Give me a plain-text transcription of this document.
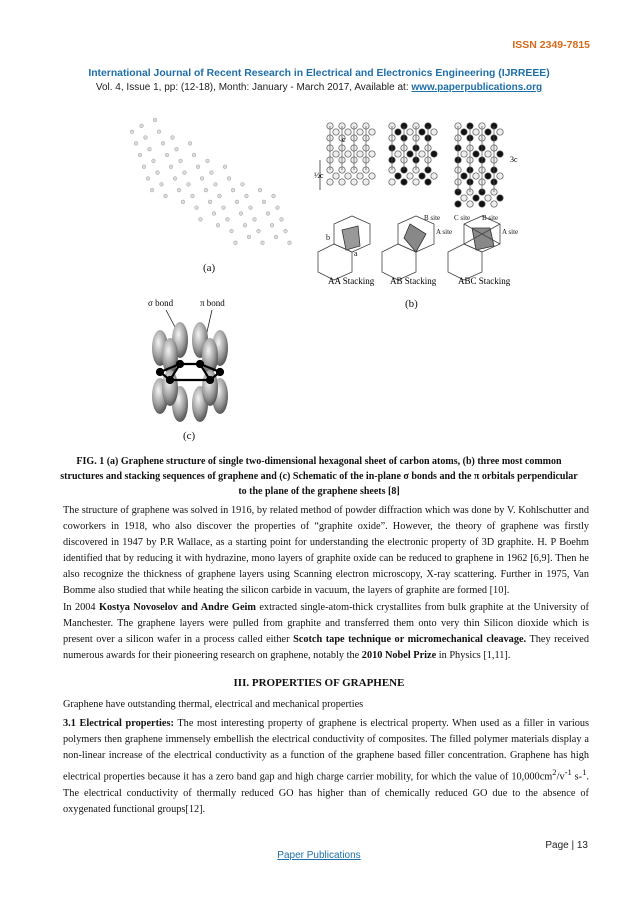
ISSN 2349-7815
International Journal of Recent Research in Electrical and Electronics Engineering (IJRREEE)
Vol. 4, Issue 1, pp: (12-18), Month: January - March 2017, Available at: www.paperpublications.org
(a)
½c
c
3c
b
a
B site
A site
C site B site
A site
AA Stacking AB Stacking ABC Stacking
(b)
σ bond	π bond
(c)
FIG. 1 (a) Graphene structure of single two-dimensional hexagonal sheet of carbon atoms, (b) three most common structures and stacking sequences of graphene and (c) Schematic of the in-plane σ bonds and the π orbitals perpendicular to the plane of the graphene sheets [8]
The structure of graphene was solved in 1916, by related method of powder diffraction which was done by V. Kohlschutter and coworkers in 1918, who also discover the properties of “graphite oxide”. However, the theory of graphene was firstly discovered in 1947 by P.R Wallace, as a starting point for understanding the electronic property of 3D graphite. H. P Boehm identified that by reducing it with hydrazine, mono layers of graphite oxide can be reduced to graphene in 1962 [6,9]. Then he also recognize the thickness of graphene layers using Scanning electron microscopy, X-ray scattering. Further in 1975, Van Bomme also studied that while heating the silicon carbide in vacuum, the layers of graphite are formed [10].
In 2004 Kostya Novoselov and Andre Geim extracted single-atom-thick crystallites from bulk graphite at the University of Manchester. The graphene layers were pulled from graphite and transferred them onto very thin Silicon dioxide which is present over a silicon wafer in a process called either Scotch tape technique or micromechanical cleavage. They received numerous awards for their pioneering research on graphene, notably the 2010 Nobel Prize in Physics [1,11].
III. PROPERTIES OF GRAPHENE
Graphene have outstanding thermal, electrical and mechanical properties
3.1 Electrical properties: The most interesting property of graphene is electrical property. When used as a filler in various polymers then graphene immensely embellish the electrical conductivity of composites. The filled polymer materials display a non-linear increase of the electrical conductivity as a function of the graphene based filler concentration. Graphene has high electrical properties because it has a zero band gap and high charge carrier mobility, for which the value of $10,000cm^2/v^{-1}$ s-$^1$. The electrical conductivity of thermally reduced GO has higher than of chemically reduced GO due to the absence of oxygenated functional groups[12].
Page | 13
Paper Publications
